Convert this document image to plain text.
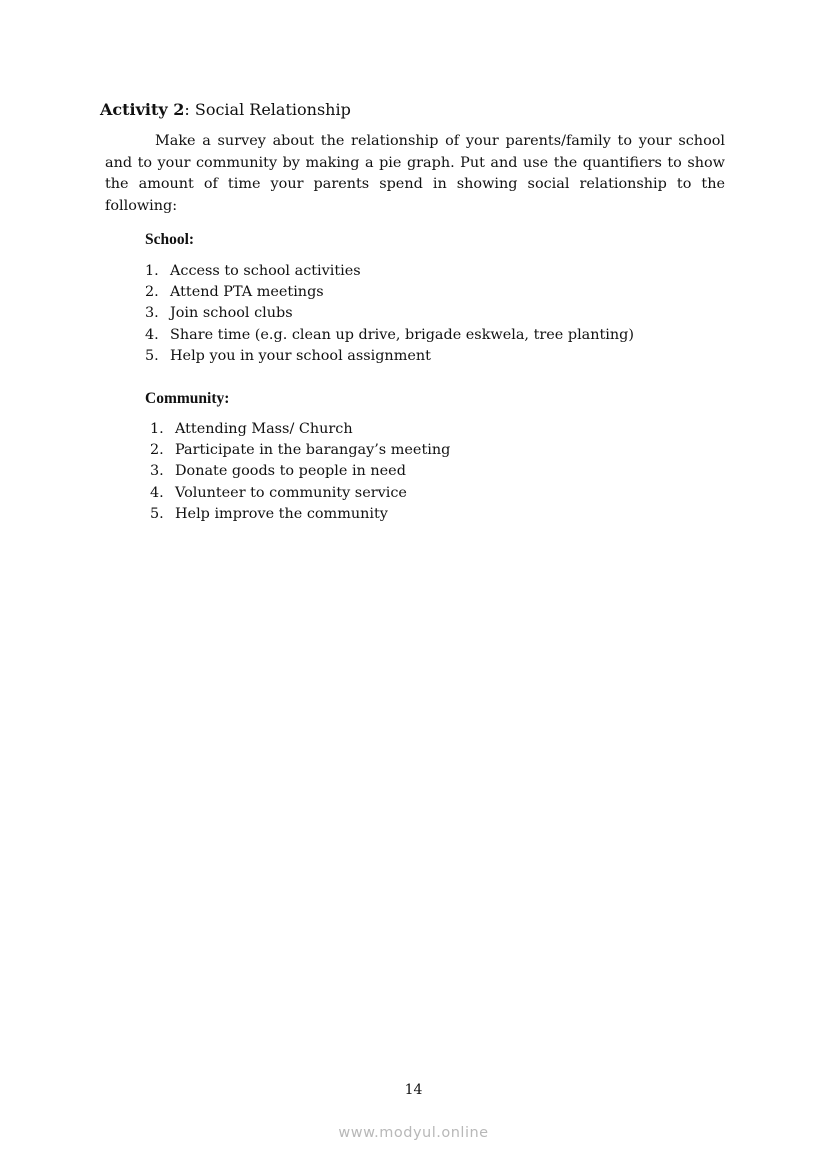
Activity 2: Social Relationship

Make a survey about the relationship of your parents/family to your school and to your community by making a pie graph. Put and use the quantifiers to show the amount of time your parents spend in showing social relationship to the following:

School:
1. Access to school activities
2. Attend PTA meetings
3. Join school clubs
4. Share time (e.g. clean up drive, brigade eskwela, tree planting)
5. Help you in your school assignment
Community:
1. Attending Mass/ Church
2. Participate in the barangay’s meeting
3. Donate goods to people in need
4. Volunteer to community service
5. Help improve the community
14
www.modyul.online
